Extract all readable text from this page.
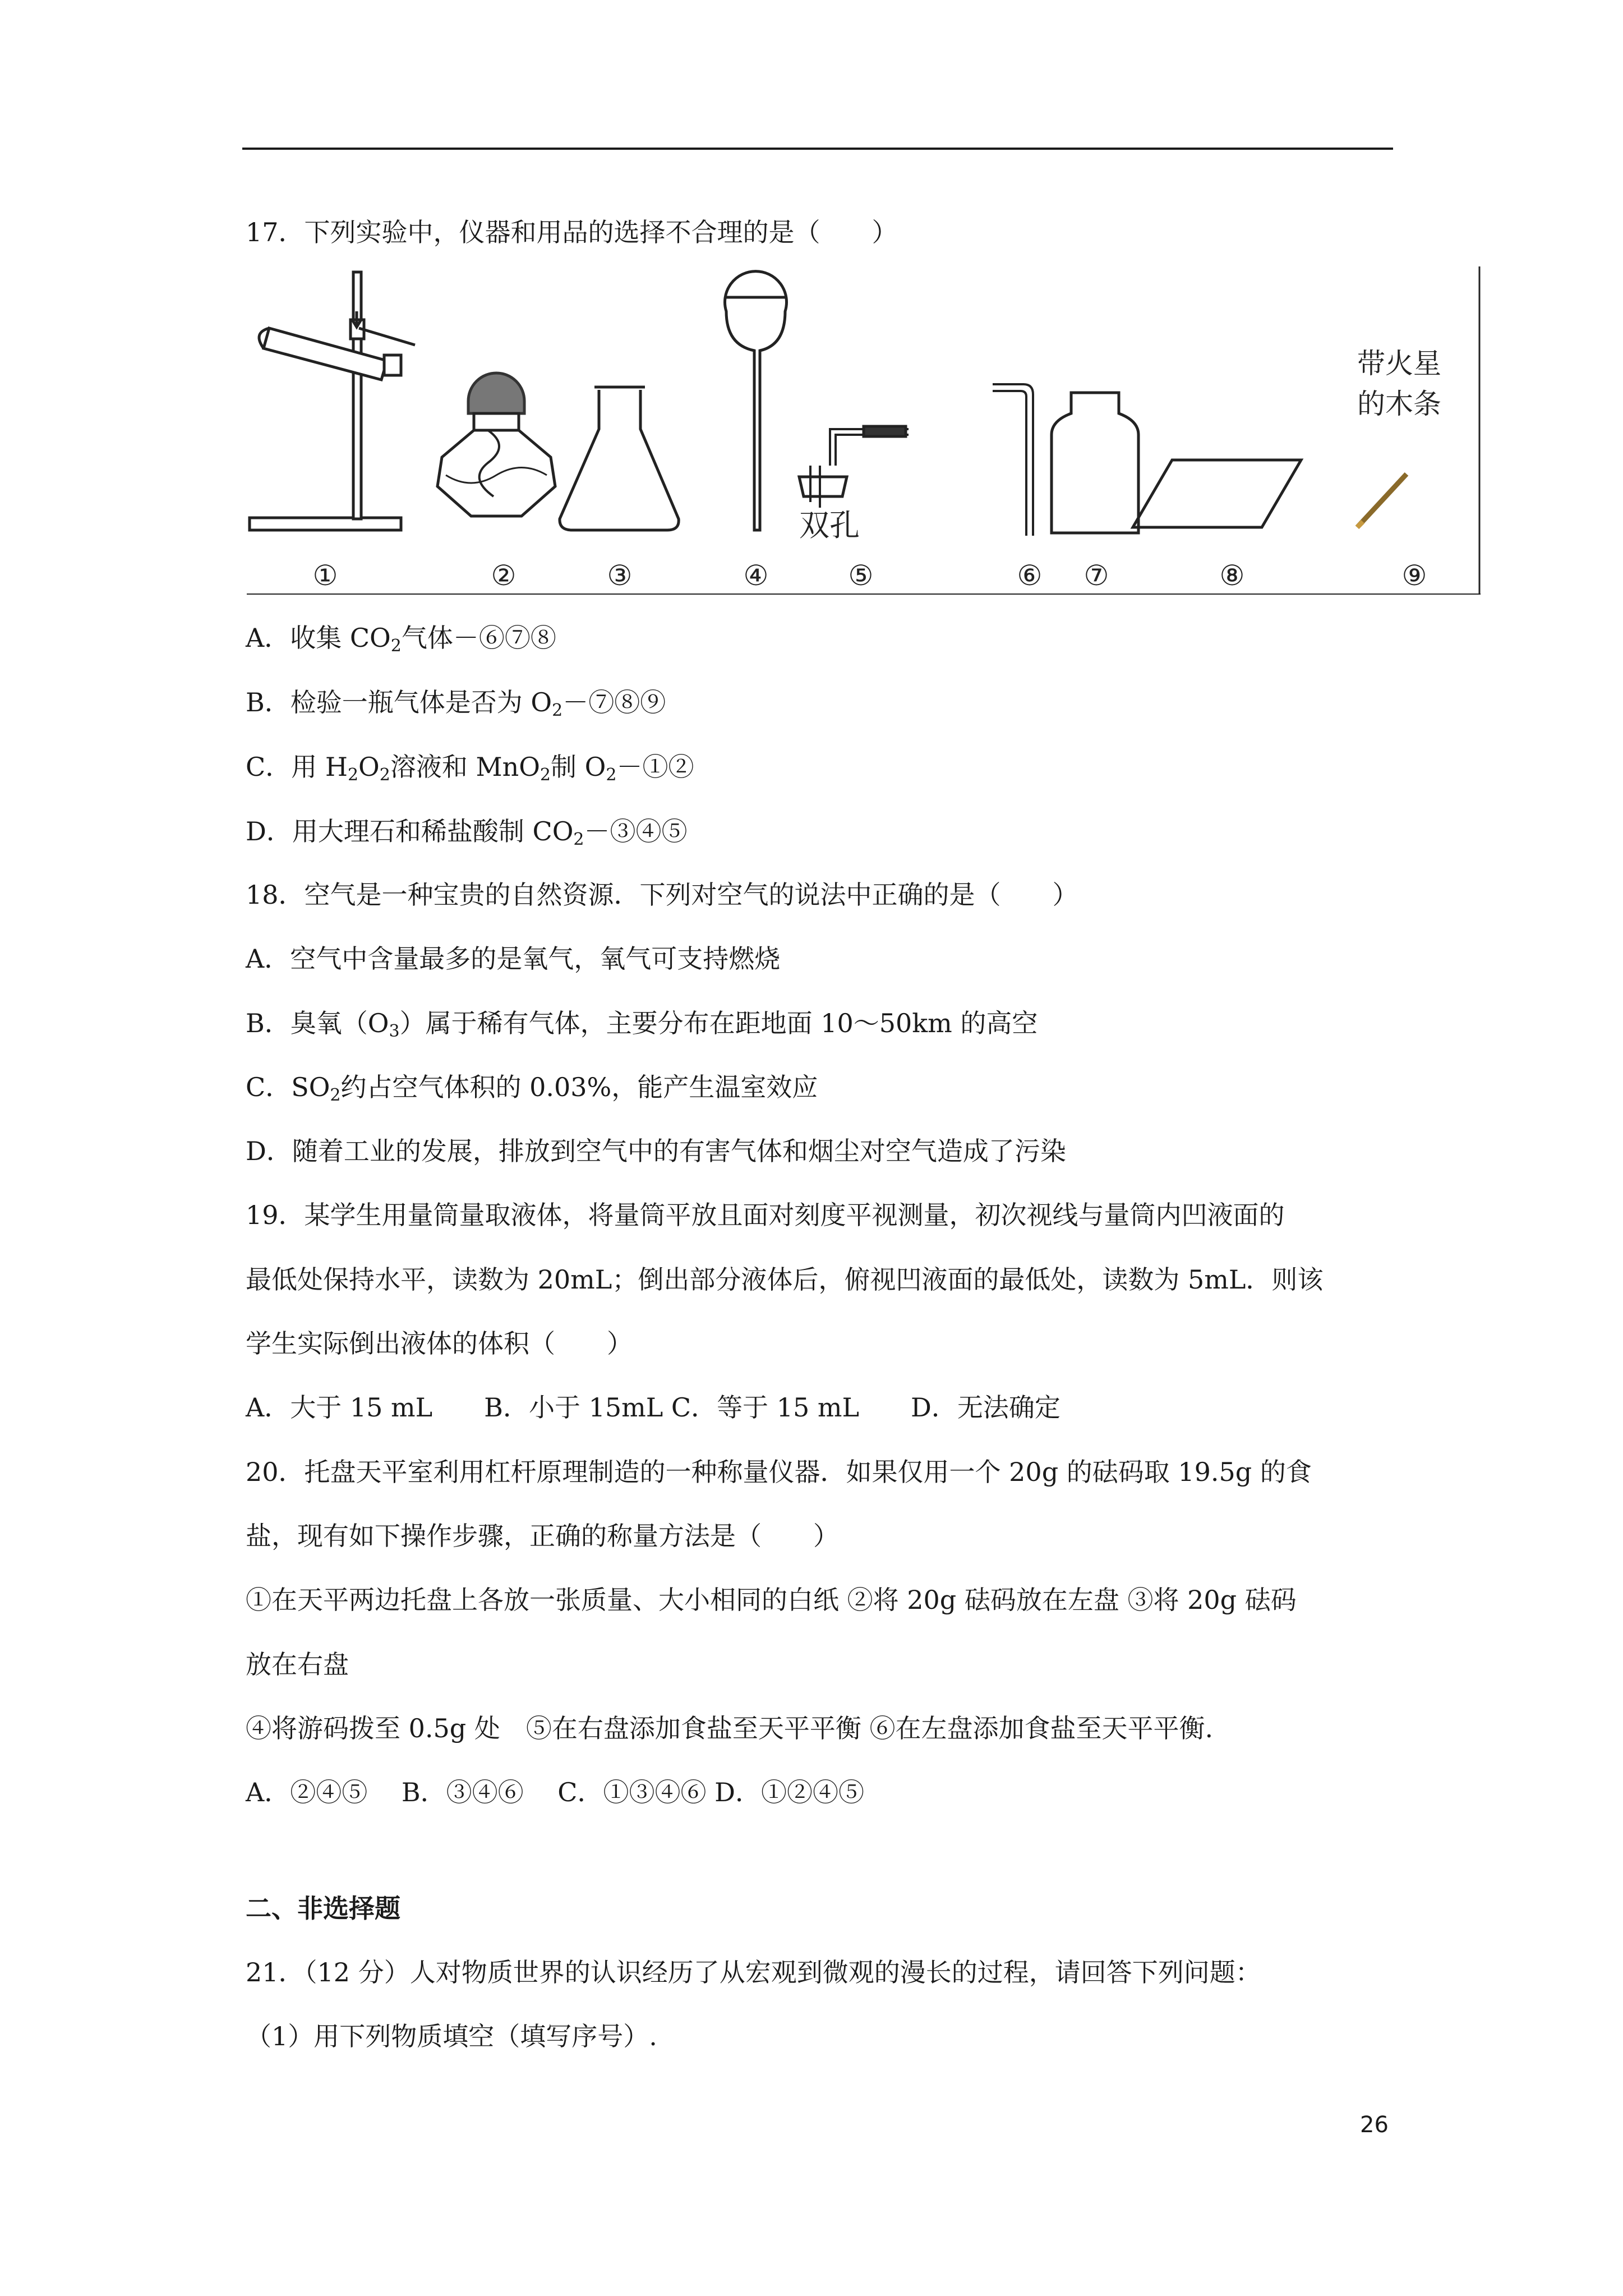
17．下列实验中，仪器和用品的选择不合理的是（　　）
双孔
带火星
的木条
①	②	③	④	⑤	⑥ ⑦	⑧	⑨
A．收集 $CO_2$气体－⑥⑦⑧
B．检验一瓶气体是否为 $O_2-⑦⑧⑨$
C．用 $H_2O_2$溶液和 MnO$_2$制 $O_2-①②$
D．用大理石和稀盐酸制 $CO_2-③④⑤$
18．空气是一种宝贵的自然资源．下列对空气的说法中正确的是（　　）
A．空气中含量最多的是氧气，氧气可支持燃烧
B．臭氧$(O_3)$属于稀有气体，主要分布在距地面 10～50km 的高空
C．$SO_2$约占空气体积的 0.03%，能产生温室效应
D．随着工业的发展，排放到空气中的有害气体和烟尘对空气造成了污染
19．某学生用量筒量取液体，将量筒平放且面对刻度平视测量，初次视线与量筒内凹液面的
最低处保持水平，读数为 20mL；倒出部分液体后，俯视凹液面的最低处，读数为 5mL．则该
学生实际倒出液体的体积（　　）
A．大于 15 mL　　B．小于 15mL C．等于 15 mL　　D．无法确定
20．托盘天平室利用杠杆原理制造的一种称量仪器．如果仅用一个 20g 的砝码取 19.5g 的食
盐，现有如下操作步骤，正确的称量方法是（　　）
①在天平两边托盘上各放一张质量、大小相同的白纸 ②将 20g 砝码放在左盘 ③将 20g 砝码
放在右盘
④将游码拨至 0.5g 处　⑤在右盘添加食盐至天平平衡 ⑥在左盘添加食盐至天平平衡.
A．②④⑤　 B．③④⑥　 C．①③④⑥ D．①②④⑤
二、非选择题
21．（12 分）人对物质世界的认识经历了从宏观到微观的漫长的过程，请回答下列问题：
（1）用下列物质填空（填写序号）.
26
